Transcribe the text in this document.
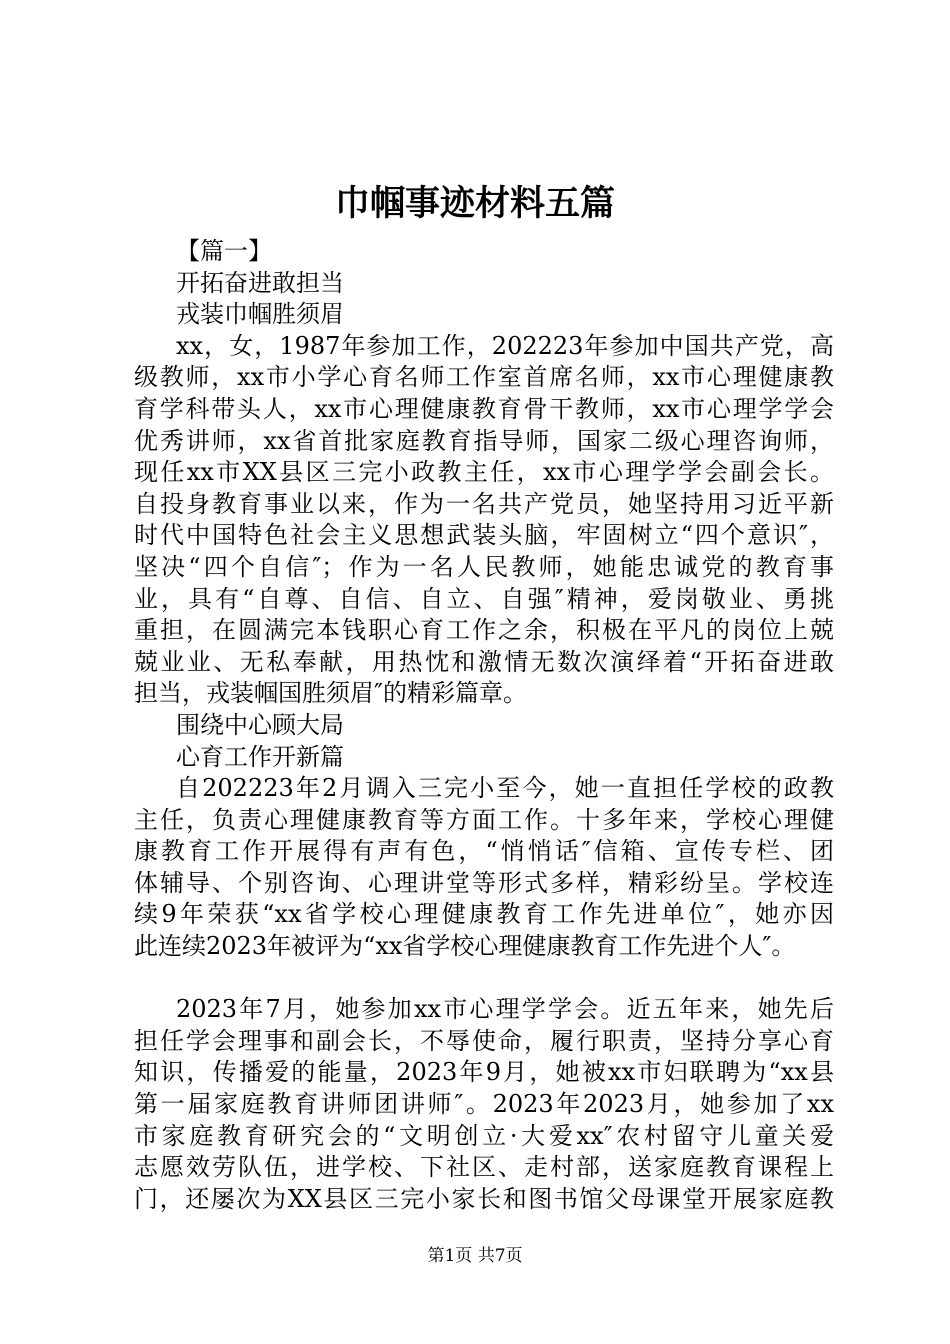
巾帼事迹材料五篇
【篇一】
开拓奋进敢担当
戎装巾帼胜须眉
xx，女，1987年参加工作，202223年参加中国共产党，高
级教师，xx市小学心育名师工作室首席名师，xx市心理健康教
育学科带头人，xx市心理健康教育骨干教师，xx市心理学学会
优秀讲师，xx省首批家庭教育指导师，国家二级心理咨询师，
现任xx市XX县区三完小政教主任，xx市心理学学会副会长。
自投身教育事业以来，作为一名共产党员，她坚持用习近平新
时代中国特色社会主义思想武装头脑，牢固树立“四个意识″，
坚决“四个自信″；作为一名人民教师，她能忠诚党的教育事
业，具有“自尊、自信、自立、自强″精神，爱岗敬业、勇挑
重担，在圆满完本钱职心育工作之余，积极在平凡的岗位上兢
兢业业、无私奉献，用热忱和激情无数次演绎着“开拓奋进敢
担当，戎装帼国胜须眉″的精彩篇章。
围绕中心顾大局
心育工作开新篇
自202223年2月调入三完小至今，她一直担任学校的政教
主任，负责心理健康教育等方面工作。十多年来，学校心理健
康教育工作开展得有声有色，“悄悄话″信箱、宣传专栏、团
体辅导、个别咨询、心理讲堂等形式多样，精彩纷呈。学校连
续9年荣获“xx省学校心理健康教育工作先进单位″，她亦因
此连续2023年被评为“xx省学校心理健康教育工作先进个人″。
2023年7月，她参加xx市心理学学会。近五年来，她先后
担任学会理事和副会长，不辱使命，履行职责，坚持分享心育
知识，传播爱的能量，2023年9月，她被xx市妇联聘为“xx县
第一届家庭教育讲师团讲师″。2023年2023月，她参加了xx
市家庭教育研究会的“文明创立·大爱xx″农村留守儿童关爱
志愿效劳队伍，进学校、下社区、走村部，送家庭教育课程上
门，还屡次为XX县区三完小家长和图书馆父母课堂开展家庭教
第1页 共7页
